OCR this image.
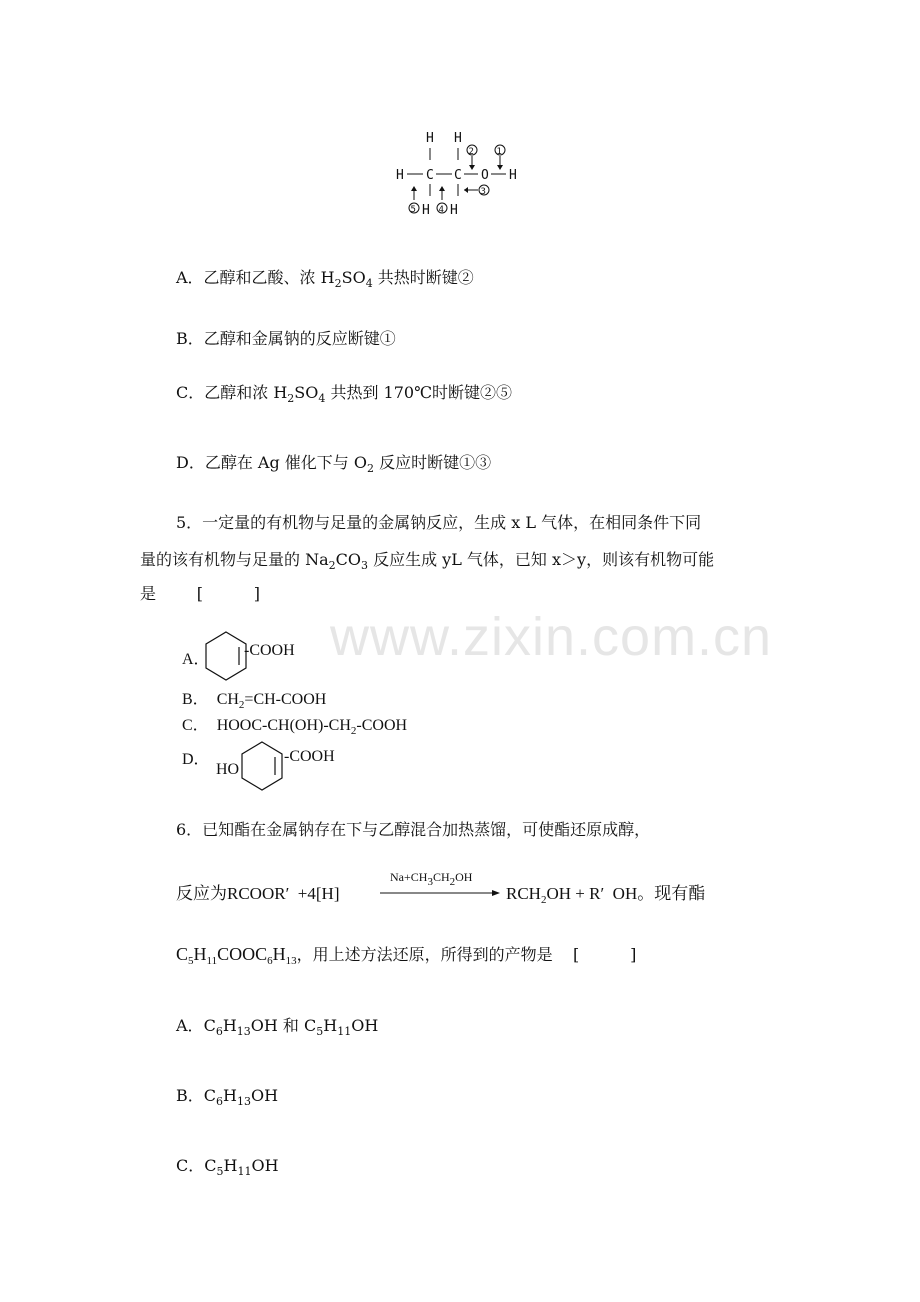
www.zixin.com.cn
H H
H C C O H
H H
2	1
3
5	4
A．乙醇和乙酸、浓 $H_2SO_4$ 共热时断键②
B．乙醇和金属钠的反应断键①
C．乙醇和浓 $H_2SO_4$ 共热到 170℃时断键②⑤
D．乙醇在 Ag 催化下与 $O_2$ 反应时断键①③
5．一定量的有机物与足量的金属钠反应，生成 x L 气体，在相同条件下同
量的该有机物与足量的 $Na_2CO_3$ 反应生成 yL 气体，已知 x＞y，则该有机物可能
是        [          ]
A．
-COOH
B． $CH_2=CH$-COOH
C． HOOC-$CH(OH)-CH_2$-COOH
D．
HO
-COOH
6．已知酯在金属钠存在下与乙醇混合加热蒸馏，可使酯还原成醇，
反应为RCOOR′  +4[H]
$Na+CH_3CH_2OH$
$RCH_2OH + R'$  OH。现有酯
$C_5H_{11}COOC_6H_{13}$，用上述方法还原，所得到的产物是    [          ]
A．$C_6H_{13}OH$ 和 $C_5H_{11}OH$
B．$C_6H_{13}OH$
C．$C_5H_{11}OH$
